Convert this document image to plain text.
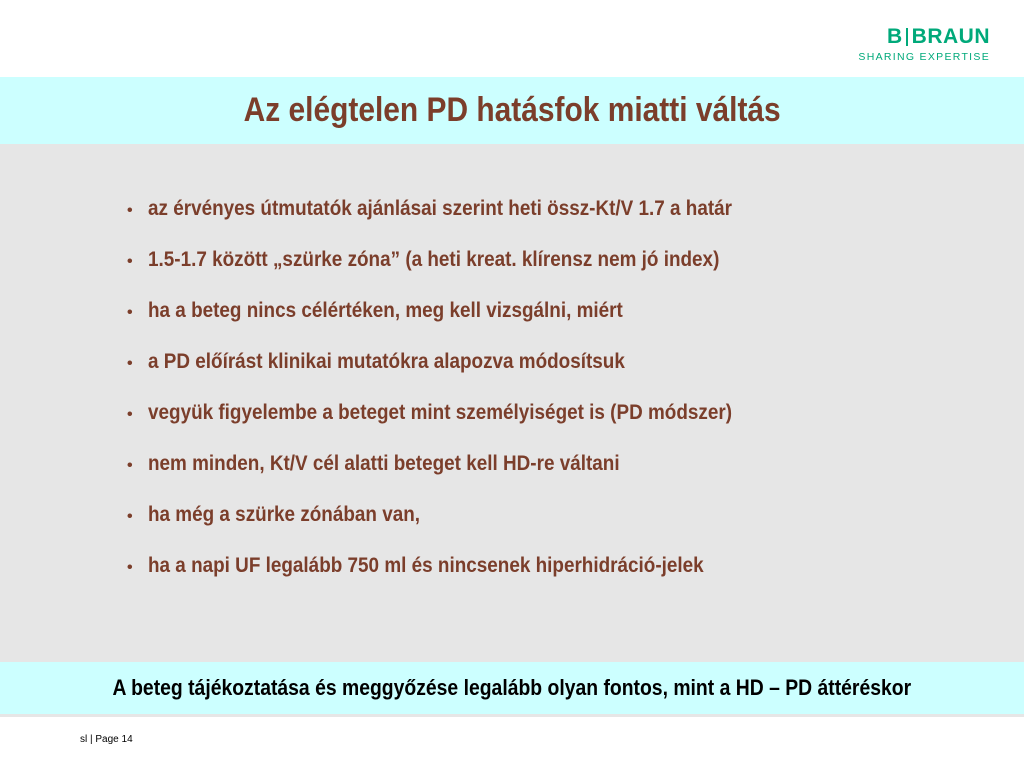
B BRAUN
SHARING EXPERTISE
Az elégtelen PD hatásfok miatti váltás
• az érvényes útmutatók ajánlásai szerint heti össz-Kt/V 1.7 a határ
• 1.5-1.7 között „szürke zóna” (a heti kreat. klírensz nem jó index)
• ha a beteg nincs célértéken, meg kell vizsgálni, miért
• a PD előírást klinikai mutatókra alapozva módosítsuk
• vegyük figyelembe a beteget mint személyiséget is (PD módszer)
• nem minden, Kt/V cél alatti beteget kell HD-re váltani
• ha még a szürke zónában van,
• ha a napi UF legalább 750 ml és nincsenek hiperhidráció-jelek
A beteg tájékoztatása és meggyőzése legalább olyan fontos, mint a HD – PD áttéréskor
sl | Page 14
